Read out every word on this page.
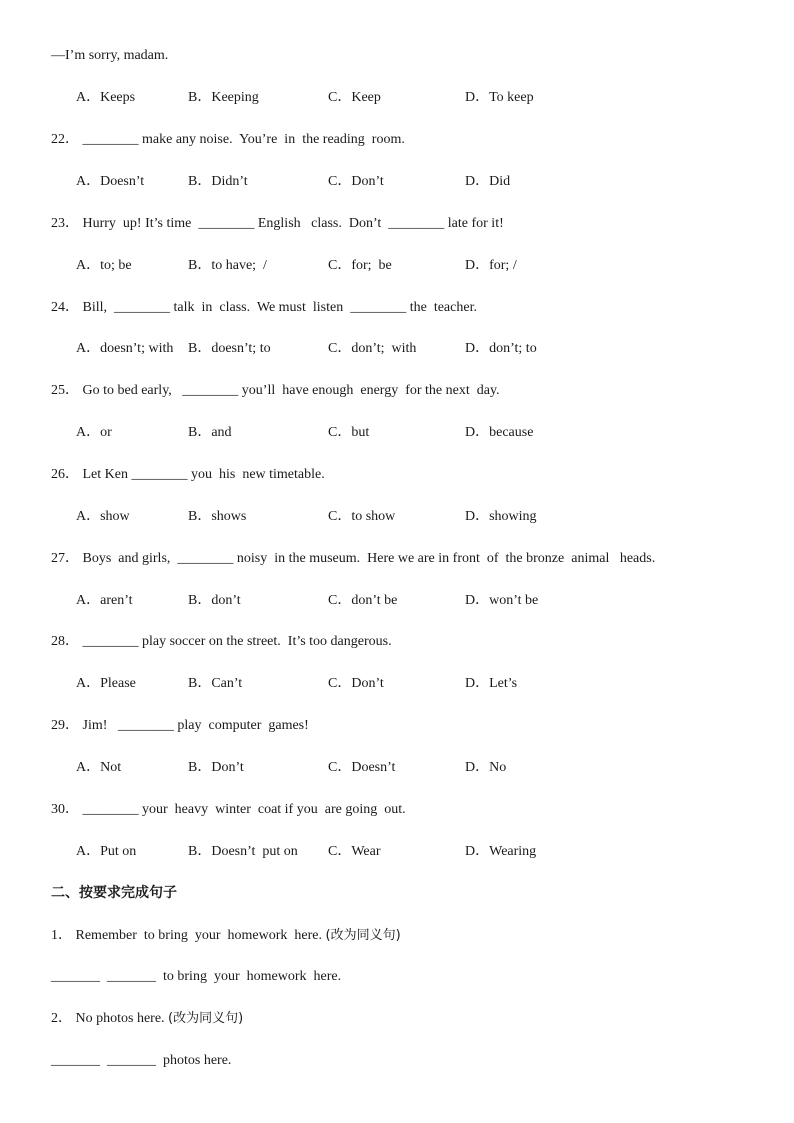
—I’m sorry, madam.
A．Keeps	B．Keeping	C．Keep	D．To keep
22． ________ make any noise.  You’re  in  the reading  room.
A．Doesn’t	B．Didn’t	C．Don’t	D．Did
23． Hurry  up! It’s time  ________ English   class.  Don’t  ________ late for it!
A．to; be	B．to have;  /	C．for;  be	D．for; /
24． Bill,  ________ talk  in  class.  We must  listen  ________ the  teacher.
A．doesn’t; with B．doesn’t; to	C．don’t;  with	D．don’t; to
25． Go to bed early,   ________ you’ll  have enough  energy  for the next  day.
A．or	B．and	C．but	D．because
26． Let Ken ________ you  his  new timetable.
A．show	B．shows	C．to show	D．showing
27． Boys  and girls,  ________ noisy  in the museum.  Here we are in front  of  the bronze  animal   heads.
A．aren’t	B．don’t	C．don’t be	D．won’t be
28． ________ play soccer on the street.  It’s too dangerous.
A．Please	B．Can’t	C．Don’t	D．Let’s
29． Jim!   ________ play  computer  games!
A．Not	B．Don’t	C．Doesn’t	D．No
30． ________ your  heavy  winter  coat if you  are going  out.
A．Put on	B．Doesn’t  put on C．Wear	D．Wearing
二、按要求完成句子
1． Remember  to bring  your  homework  here. (改为同义句)
_______  _______  to bring  your  homework  here.
2． No photos here. (改为同义句)
_______  _______  photos here.
